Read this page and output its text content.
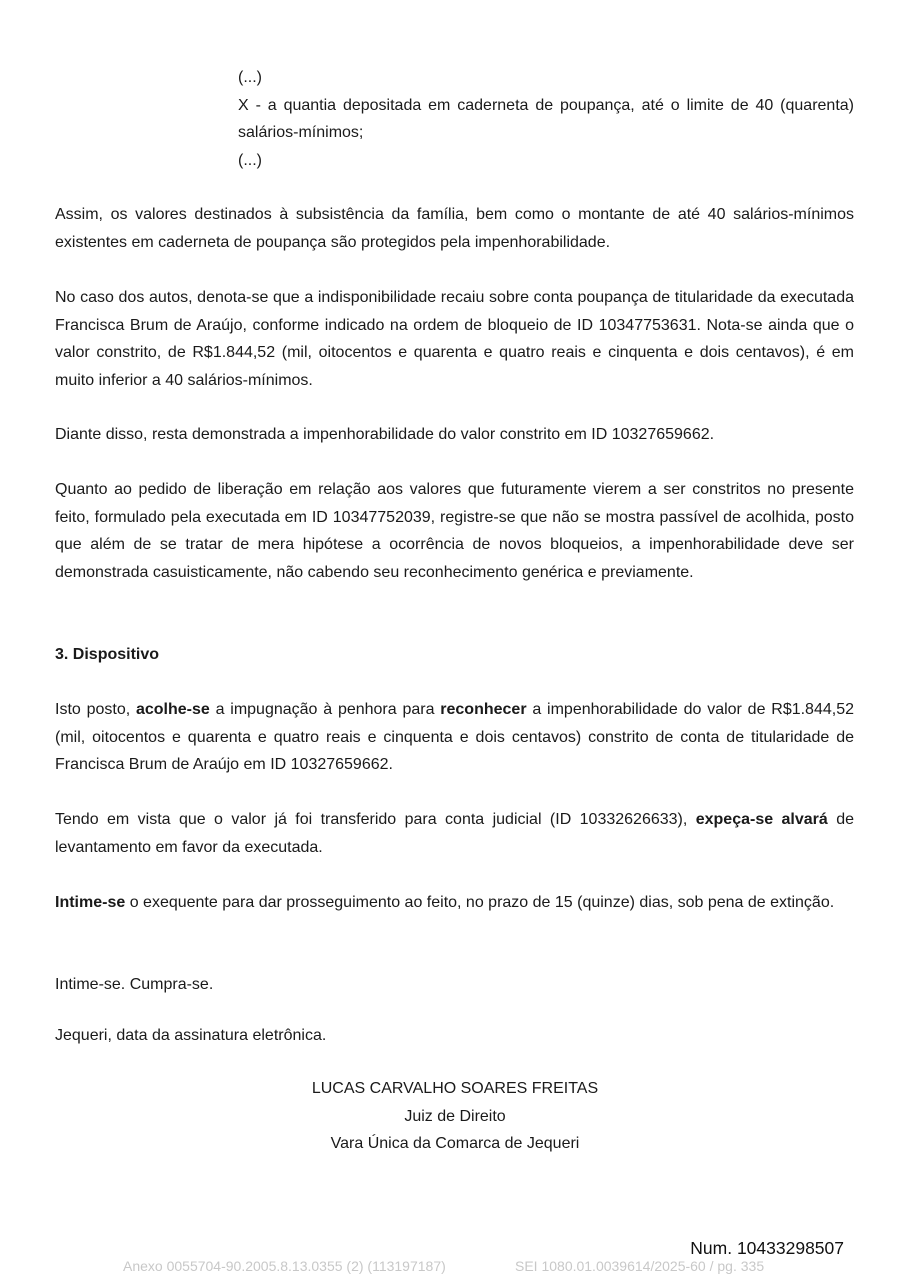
(...)
X - a quantia depositada em caderneta de poupança, até o limite de 40 (quarenta) salários-mínimos;
(...)
Assim, os valores destinados à subsistência da família, bem como o montante de até 40 salários-mínimos existentes em caderneta de poupança são protegidos pela impenhorabilidade.
No caso dos autos, denota-se que a indisponibilidade recaiu sobre conta poupança de titularidade da executada Francisca Brum de Araújo, conforme indicado na ordem de bloqueio de ID 10347753631. Nota-se ainda que o valor constrito, de R$1.844,52 (mil, oitocentos e quarenta e quatro reais e cinquenta e dois centavos), é em muito inferior a 40 salários-mínimos.
Diante disso, resta demonstrada a impenhorabilidade do valor constrito em ID 10327659662.
Quanto ao pedido de liberação em relação aos valores que futuramente vierem a ser constritos no presente feito, formulado pela executada em ID 10347752039, registre-se que não se mostra passível de acolhida, posto que além de se tratar de mera hipótese a ocorrência de novos bloqueios, a impenhorabilidade deve ser demonstrada casuisticamente, não cabendo seu reconhecimento genérica e previamente.
3. Dispositivo
Isto posto, acolhe-se a impugnação à penhora para reconhecer a impenhorabilidade do valor de R$1.844,52 (mil, oitocentos e quarenta e quatro reais e cinquenta e dois centavos) constrito de conta de titularidade de Francisca Brum de Araújo em ID 10327659662.
Tendo em vista que o valor já foi transferido para conta judicial (ID 10332626633), expeça-se alvará de levantamento em favor da executada.
Intime-se o exequente para dar prosseguimento ao feito, no prazo de 15 (quinze) dias, sob pena de extinção.
Intime-se. Cumpra-se.
Jequeri, data da assinatura eletrônica.
LUCAS CARVALHO SOARES FREITAS
Juiz de Direito
Vara Única da Comarca de Jequeri
Num. 10433298507
Anexo 0055704-90.2005.8.13.0355 (2) (113197187)	SEI 1080.01.0039614/2025-60 / pg. 335
